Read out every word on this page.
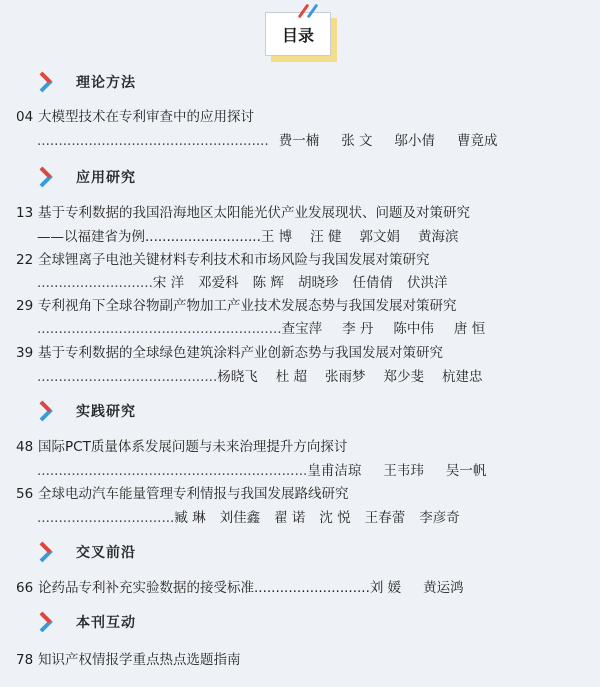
目录
理论方法
04 大模型技术在专利审查中的应用探讨
...................................................... 费一楠 张 文 邬小倩 曹竟成
应用研究
13 基于专利数据的我国沿海地区太阳能光伏产业发展现状、问题及对策研究
——以福建省为例 ........................... 王 博 汪 健 郭文娟 黄海滨
22 全球锂离子电池关键材料专利技术和市场风险与我国发展对策研究
........................... 宋 洋 邓爱科 陈 辉 胡晓珍 任倩倩 伏洪洋
29 专利视角下全球谷物副产物加工产业技术发展态势与我国发展对策研究
......................................................... 查宝萍 李 丹 陈中伟 唐 恒
39 基于专利数据的全球绿色建筑涂料产业创新态势与我国发展对策研究
.......................................... 杨晓飞 杜 超 张雨梦 郑少斐 杭建忠
实践研究
48 国际PCT质量体系发展问题与未来治理提升方向探讨
............................................................... 皇甫洁琼 王韦玮 吴一帆
56 全球电动汽车能量管理专利情报与我国发展路线研究
................................ 臧 琳 刘佳鑫 翟 诺 沈 悦 王春蕾 李彦奇
交叉前沿
66 论药品专利补充实验数据的接受标准...........................刘 媛 黄运鸿
本刊互动
78 知识产权情报学重点热点选题指南
